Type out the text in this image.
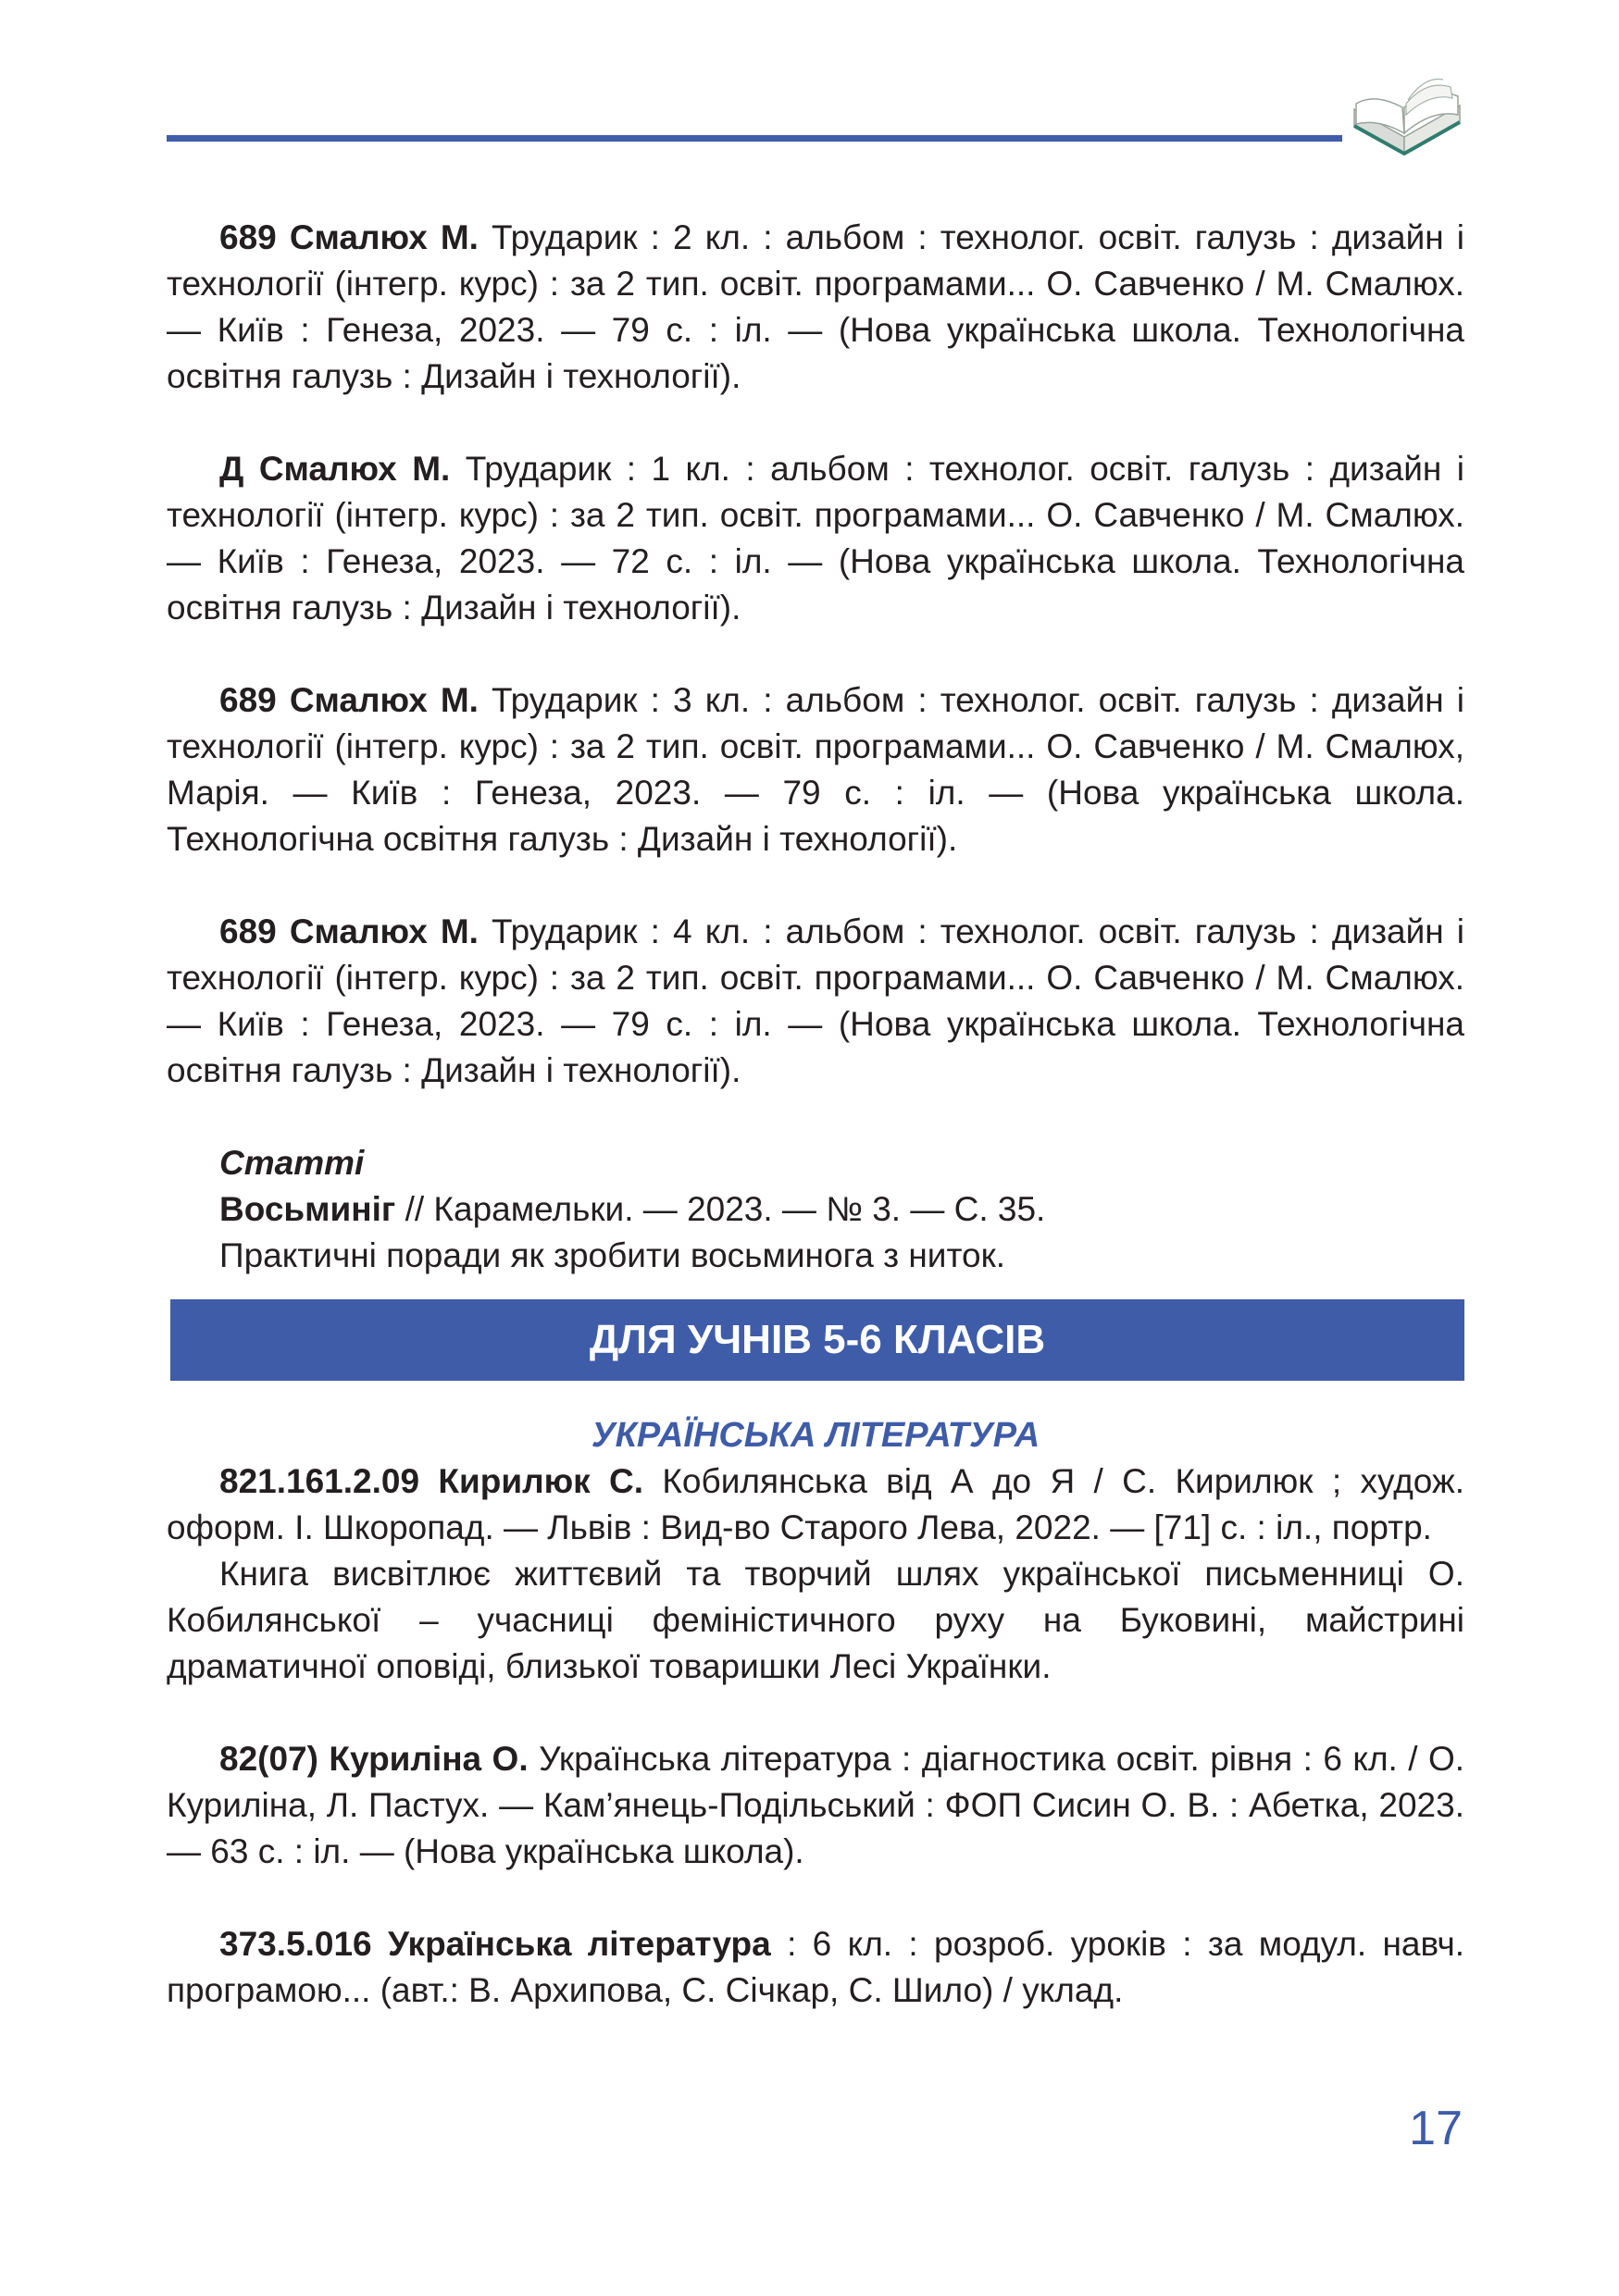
689 Смалюх М. Трударик : 2 кл. : альбом : технолог. освіт. галузь : дизайн і технології (інтегр. курс) : за 2 тип. освіт. програмами... О. Савченко / М. Смалюх. — Київ : Генеза, 2023. — 79 с. : іл. — (Нова українська школа. Технологічна освітня галузь : Дизайн і технології).

Д Смалюх М. Трударик : 1 кл. : альбом : технолог. освіт. галузь : дизайн і технології (інтегр. курс) : за 2 тип. освіт. програмами... О. Савченко / М. Смалюх. — Київ : Генеза, 2023. — 72 с. : іл. — (Нова українська школа. Технологічна освітня галузь : Дизайн і технології).

689 Смалюх М. Трударик : 3 кл. : альбом : технолог. освіт. галузь : дизайн і технології (інтегр. курс) : за 2 тип. освіт. програмами... О. Савченко / М. Смалюх, Марія. — Київ : Генеза, 2023. — 79 с. : іл. — (Нова українська школа. Технологічна освітня галузь : Дизайн і технології).

689 Смалюх М. Трударик : 4 кл. : альбом : технолог. освіт. галузь : дизайн і технології (інтегр. курс) : за 2 тип. освіт. програмами... О. Савченко / М. Смалюх. — Київ : Генеза, 2023. — 79 с. : іл. — (Нова українська школа. Технологічна освітня галузь : Дизайн і технології).

Статті

Восьминіг // Карамельки. — 2023. — № 3. — С. 35.

Практичні поради як зробити восьминога з ниток.

ДЛЯ УЧНІВ 5-6 КЛАСІВ

УКРАЇНСЬКА ЛІТЕРАТУРА

821.161.2.09 Кирилюк С. Кобилянська від А до Я / С. Кирилюк ; худож. оформ. І. Шкоропад. — Львів : Вид-во Старого Лева, 2022. — [71] с. : іл., портр.

Книга висвітлює життєвий та творчий шлях української письменниці О. Кобилянської – учасниці феміністичного руху на Буковині, майстрині драматичної оповіді, близької товаришки Лесі Українки.

82(07) Куриліна О. Українська література : діагностика освіт. рівня : 6 кл. / О. Куриліна, Л. Пастух. — Кам’янець-Подільський : ФОП Сисин О. В. : Абетка, 2023. — 63 с. : іл. — (Нова українська школа).

373.5.016 Українська література : 6 кл. : розроб. уроків : за модул. навч. програмою... (авт.: В. Архипова, С. Січкар, С. Шило) / уклад.

17
